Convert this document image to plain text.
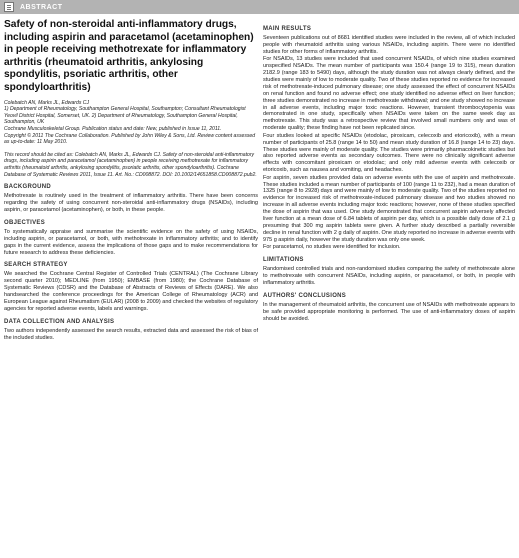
ABSTRACT
Safety of non-steroidal anti-inflammatory drugs, including aspirin and paracetamol (acetaminophen) in people receiving methotrexate for inflammatory arthritis (rheumatoid arthritis, ankylosing spondylitis, psoriatic arthritis, other spondyloarthritis)

Colebatch AN, Marks JL, Edwards CJ

1) Department of Rheumatology, Southampton General Hospital, Southampton; Consultant Rheumatologist Yeovil District Hospital, Somerset, UK. 2) Department of Rheumatology, Southampton General Hospital, Southampton, UK

Cochrane Musculoskeletal Group. Publication status and date: New, published in Issue 11, 2011.

Copyright © 2011 The Cochrane Collaboration. Published by John Wiley & Sons, Ltd. Review content assessed as up-to-date: 11 May 2010.

This record should be cited as: Colebatch AN, Marks JL, Edwards CJ. Safety of non-steroidal anti-inflammatory drugs, including aspirin and paracetamol (acetaminophen) in people receiving methotrexate for inflammatory arthritis (rheumatoid arthritis, ankylosing spondylitis, psoriatic arthritis, other spondyloarthritis). Cochrane Database of Systematic Reviews 2011, Issue 11. Art. No.: CD008872. DOI: 10.1002/14651858.CD008872.pub2.

BACKGROUND

Methotrexate is routinely used in the treatment of inflammatory arthritis. There have been concerns regarding the safety of using concurrent non-steroidal anti-inflammatory drugs (NSAIDs), including aspirin, or paracetamol (acetaminophen), or both, in these people.

OBJECTIVES

To systematically appraise and summarise the scientific evidence on the safety of using NSAIDs, including aspirin, or paracetamol, or both, with methotrexate in inflammatory arthritis; and to identify gaps in the current evidence, assess the implications of those gaps and to make recommendations for future research to address these deficiencies.

SEARCH STRATEGY

We searched the Cochrane Central Register of Controlled Trials (CENTRAL) (The Cochrane Library second quarter 2010); MEDLINE (from 1950); EMBASE (from 1980); the Cochrane Database of Systematic Reviews (CDSR) and the Database of Abstracts of Reviews of Effects (DARE). We also handsearched the conference proceedings for the American College of Rheumatology (ACR) and European League against Rheumatism (EULAR) (2008 to 2009) and checked the websites of regulatory agencies for reported adverse events, labels and warnings.

DATA COLLECTION AND ANALYSIS

Two authors independently assessed the search results, extracted data and assessed the risk of bias of the included studies.

MAIN RESULTS

Seventeen publications out of 8681 identified studies were included in the review, all of which included people with rheumatoid arthritis using various NSAIDs, including aspirin. There were no identified studies for other forms of inflammatory arthritis.

For NSAIDs, 13 studies were included that used concurrent NSAIDs, of which nine studies examined unspecified NSAIDs. The mean number of participants was 150.4 (range 19 to 315), mean duration 2182.9 (range 183 to 5490) days, although the study duration was not always clearly defined, and the studies were mainly of low to moderate quality. Two of these studies reported no evidence for increased risk of methotrexate-induced pulmonary disease; one study assessed the effect of concurrent NSAIDs on renal function and found no adverse effect; one study identified no adverse effect on liver function; three studies demonstrated no increase in methotrexate withdrawal; and one study showed no increase in all adverse events, including major toxic reactions. However, transient thrombocytopenia was demonstrated in one study, specifically when NSAIDs were taken on the same week day as methotrexate. This study was a retrospective review that involved small numbers only and was of moderate quality; these finding have not been replicated since.

Four studies looked at specific NSAIDs (etodolac, piroxicam, celecoxib and etoricoxib), with a mean number of participants of 25.8 (range 14 to 50) and mean study duration of 16.8 (range 14 to 23) days. These studies were mainly of moderate quality. The studies were primarily pharmacokinetic studies but also reported adverse events as secondary outcomes. There were no clinically significant adverse effects with concomitant piroxicam or etodolac; and only mild adverse events with celecoxib or etoricoxib, such as nausea and vomiting, and headaches.

For aspirin, seven studies provided data on adverse events with the use of aspirin and methotrexate. These studies included a mean number of participants of 100 (range 11 to 232), had a mean duration of 1325 (range 8 to 2928) days and were mainly of low to moderate quality. Two of the studies reported no evidence for increased risk of methotrexate-induced pulmonary disease and two studies showed no increase in all adverse events including major toxic reactions; however, none of these studies specified the dose of aspirin that was used. One study demonstrated that concurrent aspirin adversely affected liver function at a mean dose of 6.84 tablets of aspirin per day, which is a possible daily dose of 2.1 g presuming that 300 mg aspirin tablets were given. A further study described a partially reversible decline in renal function with 2 g daily of aspirin. One study reported no increase in adverse events with 975 g aspirin daily, however the study duration was only one week.

For paracetamol, no studies were identified for inclusion.

LIMITATIONS

Randomised controlled trials and non-randomised studies comparing the safety of methotrexate alone to methotrexate with concurrent NSAIDs, including aspirin, or paracetamol, or both, in people with inflammatory arthritis.

AUTHORS' CONCLUSIONS

In the management of rheumatoid arthritis, the concurrent use of NSAIDs with methotrexate appears to be safe provided appropriate monitoring is performed. The use of anti-inflammatory doses of aspirin should be avoided.
